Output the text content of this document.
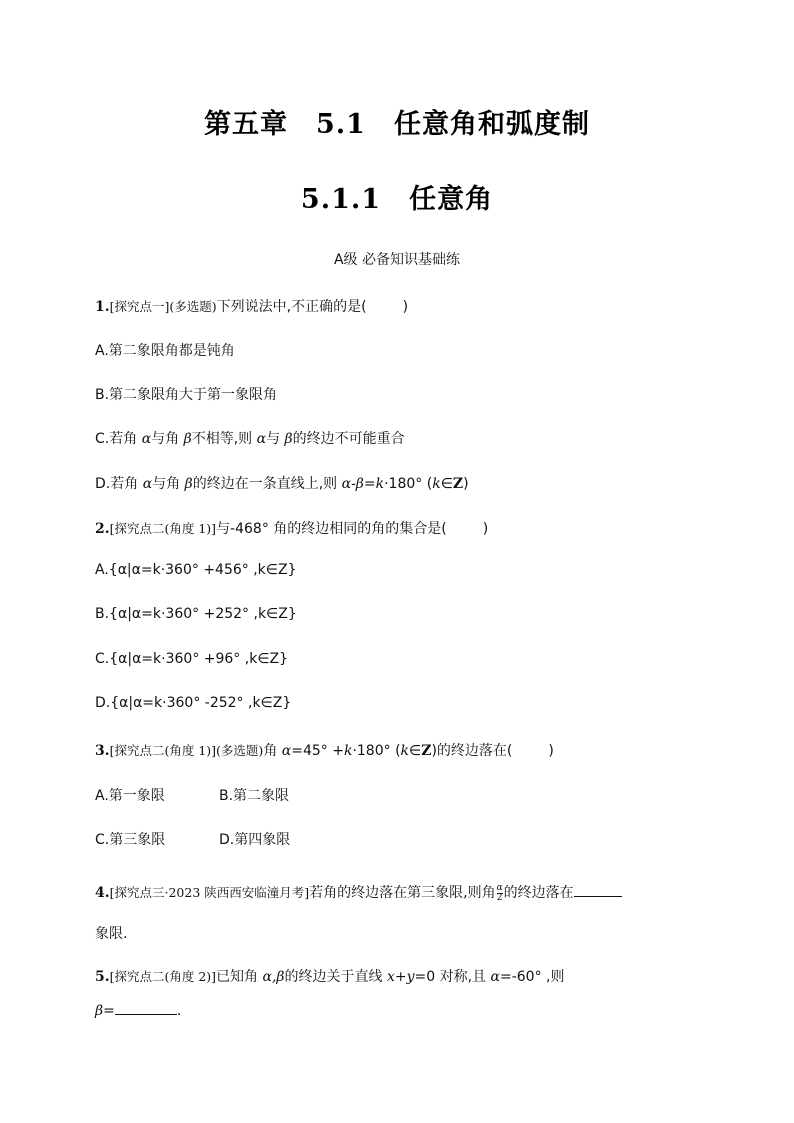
第五章　5.1　任意角和弧度制
5.1.1　任意角
A级 必备知识基础练
1.[探究点一](多选题)下列说法中,不正确的是(	)
A.第二象限角都是钝角
B.第二象限角大于第一象限角
C.若角 α与角 β不相等,则 α与 β的终边不可能重合
D.若角 α与角 β的终边在一条直线上,则 α-β=k·180° (k∈Z)
2.[探究点二(角度 1)]与-468° 角的终边相同的角的集合是(	)
A.{α|α=k·360° +456° ,k∈Z}
B.{α|α=k·360° +252° ,k∈Z}
C.{α|α=k·360° +96° ,k∈Z}
D.{α|α=k·360° -252° ,k∈Z}
3.[探究点二(角度 1)](多选题)角 α=45° +k·180° (k∈Z)的终边落在(	)
A.第一象限	B.第二象限
C.第三象限	D.第四象限
4.[探究点三·2023 陕西西安临潼月考]若角的终边落在第三象限,则角 $\frac{\alpha}{2}$ 的终边落在
象限.
5.[探究点二(角度 2)]已知角 α,β的终边关于直线 x+y=0 对称,且 α=-60° ,则
β=	.
